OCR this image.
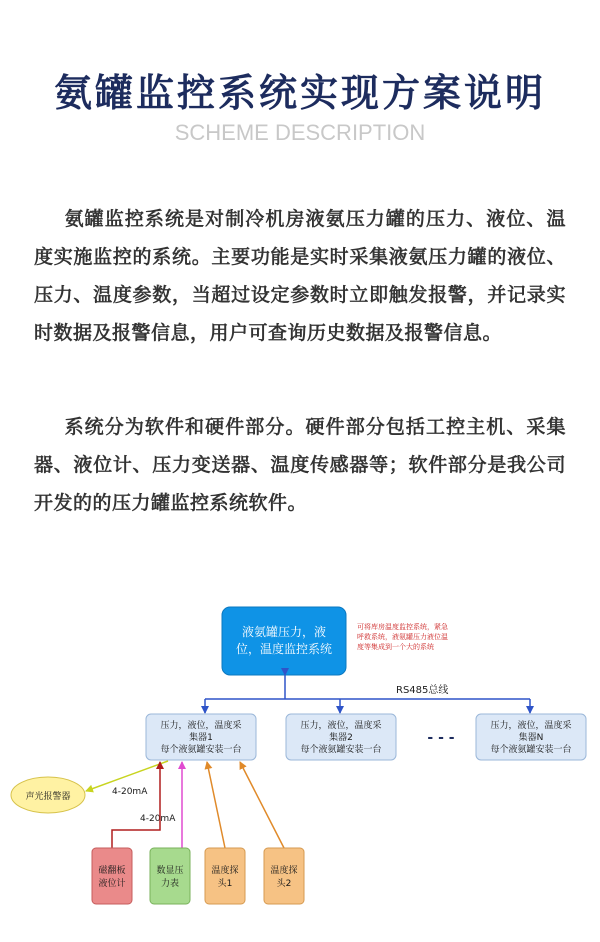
氨罐监控系统实现方案说明
SCHEME DESCRIPTION
氨罐监控系统是对制冷机房液氨压力罐的压力、液位、温度实施监控的系统。主要功能是实时采集液氨压力罐的液位、压力、温度参数，当超过设定参数时立即触发报警，并记录实时数据及报警信息，用户可查询历史数据及报警信息。
系统分为软件和硬件部分。硬件部分包括工控主机、采集器、液位计、压力变送器、温度传感器等；软件部分是我公司开发的的压力罐监控系统软件。
液氨罐压力，液
位，温度监控系统
可将库房温度监控系统，紧急
呼救系统，液氨罐压力液位温
度等集成到一个大的系统
RS485总线
压力，液位，温度采
集器1
每个液氨罐安装一台
压力，液位，温度采
集器2
每个液氨罐安装一台
- - -
压力，液位，温度采
集器N
每个液氨罐安装一台
声光报警器	4-20mA
4-20mA
磁翻板
液位计
数显压
力表
温度探
头1
温度探
头2
